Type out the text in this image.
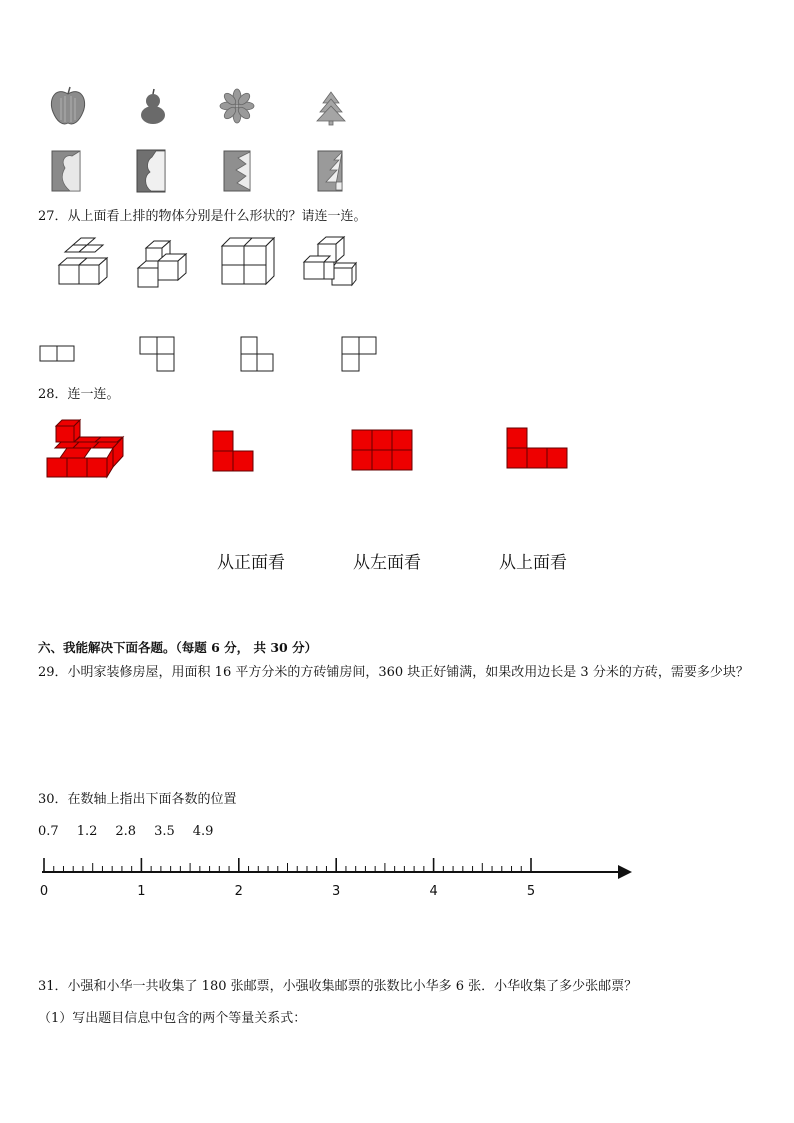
27．从上面看上排的物体分别是什么形状的？请连一连。
28．连一连。
从正面看	从左面看	从上面看
六、我能解决下面各题。（每题 6 分， 共 30 分）
29．小明家装修房屋，用面积 16 平方分米的方砖铺房间，360 块正好铺满，如果改用边长是 3 分米的方砖，需要多少块？
30．在数轴上指出下面各数的位置
0.7 1.2 2.8 3.5 4.9
0	1	2	3	4	5
31．小强和小华一共收集了 180 张邮票，小强收集邮票的张数比小华多 6 张．小华收集了多少张邮票？
（1）写出题目信息中包含的两个等量关系式：
